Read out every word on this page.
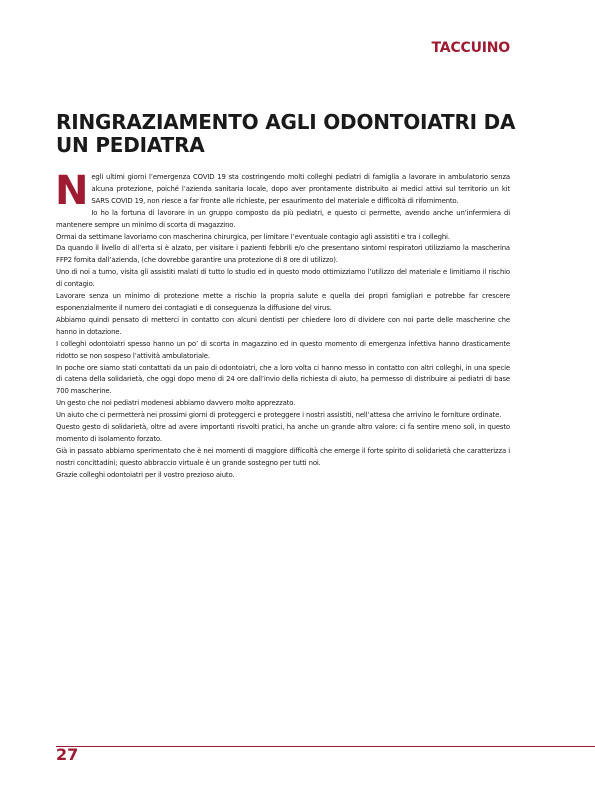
TACCUINO
RINGRAZIAMENTO AGLI ODONTOIATRI DA UN PEDIATRA

Negli ultimi giorni l’emergenza COVID 19 sta costringendo molti colleghi pediatri di famiglia a lavorare in ambulatorio senza alcuna protezione, poiché l’azienda sanitaria locale, dopo aver prontamente distribuito ai medici attivi sul territorio un kit SARS COVID 19, non riesce a far fronte alle richieste, per esaurimento del materiale e difficoltà di rifornimento.

Io ho la fortuna di lavorare in un gruppo composto da più pediatri, e questo ci permette, avendo anche un’infermiera di mantenere sempre un minimo di scorta di magazzino.

Ormai da settimane lavoriamo con mascherina chirurgica, per limitare l’eventuale contagio agli assistiti e tra i colleghi.

Da quando il livello di all’erta si è alzato, per visitare i pazienti febbrili e/o che presentano sintomi respiratori utilizziamo la mascherina FFP2 fornita dall’azienda, (che dovrebbe garantire una protezione di 8 ore di utilizzo).

Uno di noi a turno, visita gli assistiti malati di tutto lo studio ed in questo modo ottimizziamo l’utilizzo del materiale e limitiamo il rischio di contagio.

Lavorare senza un minimo di protezione mette a rischio la propria salute e quella dei propri famigliari e potrebbe far crescere esponenzialmente il numero dei contagiati e di conseguenza la diffusione del virus.

Abbiamo quindi pensato di metterci in contatto con alcuni dentisti per chiedere loro di dividere con noi parte delle mascherine che hanno in dotazione.

I colleghi odontoiatri spesso hanno un po’ di scorta in magazzino ed in questo momento di emergenza infettiva hanno drasticamente ridotto se non sospeso l’attività ambulatoriale.

In poche ore siamo stati contattati da un paio di odontoiatri, che a loro volta ci hanno messo in contatto con altri colleghi, in una specie di catena della solidarietà, che oggi dopo meno di 24 ore dall’invio della richiesta di aiuto, ha permesso di distribuire ai pediatri di base 700 mascherine.

Un gesto che noi pediatri modenesi abbiamo davvero molto apprezzato.

Un aiuto che ci permetterà nei prossimi giorni di proteggerci e proteggere i nostri assistiti, nell’attesa che arrivino le forniture ordinate.

Questo gesto di solidarietà, oltre ad avere importanti risvolti pratici, ha anche un grande altro valore: ci fa sentire meno soli, in questo momento di isolamento forzato.

Già in passato abbiamo sperimentato che è nei momenti di maggiore difficoltà che emerge il forte spirito di solidarietà che caratterizza i nostri concittadini; questo abbraccio virtuale è un grande sostegno per tutti noi.

Grazie colleghi odontoiatri per il vostro prezioso aiuto.

27
